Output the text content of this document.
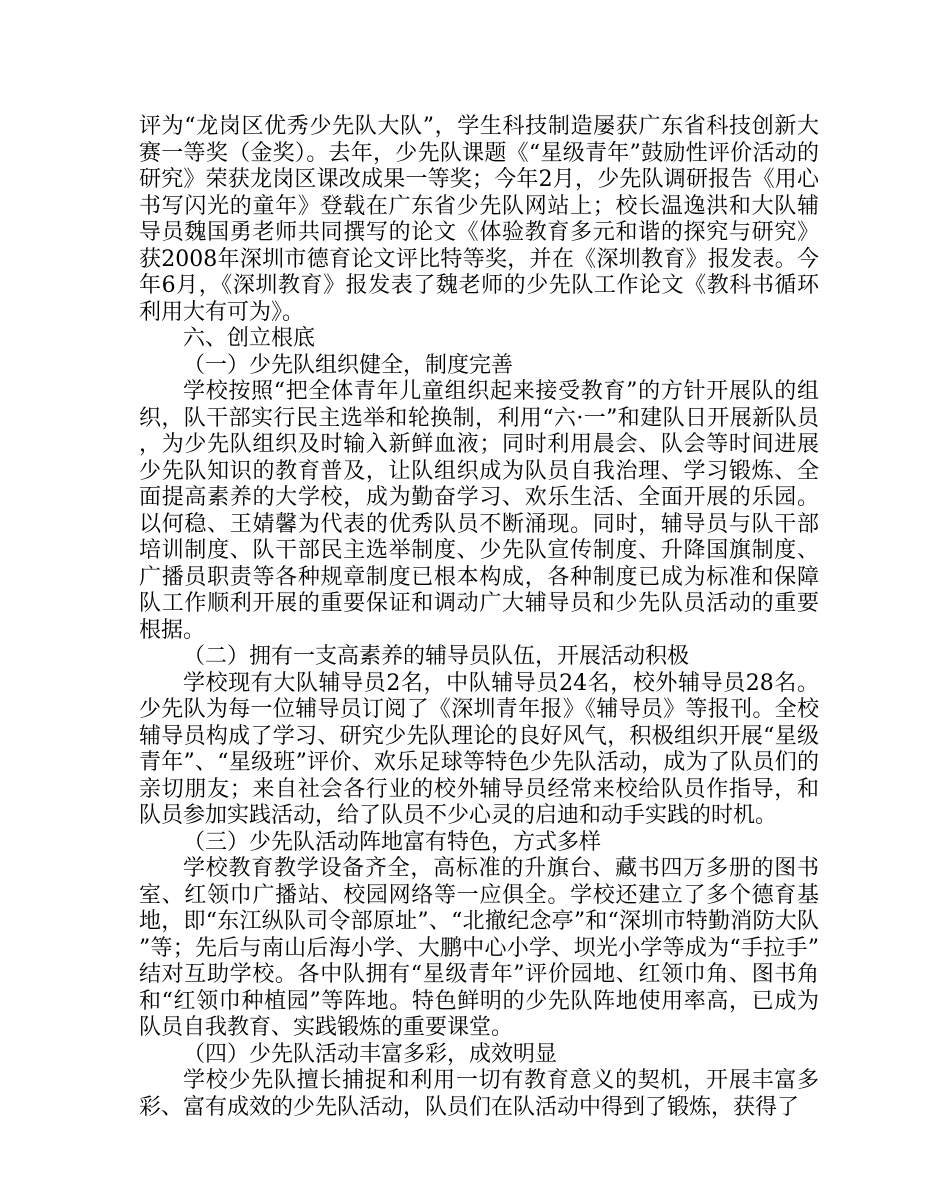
评为“龙岗区优秀少先队大队”，学生科技制造屡获广东省科技创新大赛一等奖（金奖）。去年，少先队课题《“星级青年”鼓励性评价活动的研究》荣获龙岗区课改成果一等奖；今年2月，少先队调研报告《用心书写闪光的童年》登载在广东省少先队网站上；校长温逸洪和大队辅导员魏国勇老师共同撰写的论文《体验教育多元和谐的探究与研究》获2008年深圳市德育论文评比特等奖，并在《深圳教育》报发表。今年6月，《深圳教育》报发表了魏老师的少先队工作论文《教科书循环利用大有可为》。

六、创立根底

（一）少先队组织健全，制度完善

学校按照“把全体青年儿童组织起来接受教育”的方针开展队的组织，队干部实行民主选举和轮换制，利用“六·一”和建队日开展新队员，为少先队组织及时输入新鲜血液；同时利用晨会、队会等时间进展少先队知识的教育普及，让队组织成为队员自我治理、学习锻炼、全面提高素养的大学校，成为勤奋学习、欢乐生活、全面开展的乐园。以何稳、王婧馨为代表的优秀队员不断涌现。同时，辅导员与队干部培训制度、队干部民主选举制度、少先队宣传制度、升降国旗制度、广播员职责等各种规章制度已根本构成，各种制度已成为标准和保障队工作顺利开展的重要保证和调动广大辅导员和少先队员活动的重要根据。

（二）拥有一支高素养的辅导员队伍，开展活动积极

学校现有大队辅导员2名，中队辅导员24名，校外辅导员28名。少先队为每一位辅导员订阅了《深圳青年报》《辅导员》等报刊。全校辅导员构成了学习、研究少先队理论的良好风气，积极组织开展“星级青年”、“星级班”评价、欢乐足球等特色少先队活动，成为了队员们的亲切朋友；来自社会各行业的校外辅导员经常来校给队员作指导，和队员参加实践活动，给了队员不少心灵的启迪和动手实践的时机。

（三）少先队活动阵地富有特色，方式多样

学校教育教学设备齐全，高标准的升旗台、藏书四万多册的图书室、红领巾广播站、校园网络等一应俱全。学校还建立了多个德育基地，即“东江纵队司令部原址”、“北撤纪念亭”和“深圳市特勤消防大队”等；先后与南山后海小学、大鹏中心小学、坝光小学等成为“手拉手”结对互助学校。各中队拥有“星级青年”评价园地、红领巾角、图书角和“红领巾种植园”等阵地。特色鲜明的少先队阵地使用率高，已成为队员自我教育、实践锻炼的重要课堂。

（四）少先队活动丰富多彩，成效明显

学校少先队擅长捕捉和利用一切有教育意义的契机，开展丰富多彩、富有成效的少先队活动，队员们在队活动中得到了锻炼，获得了
